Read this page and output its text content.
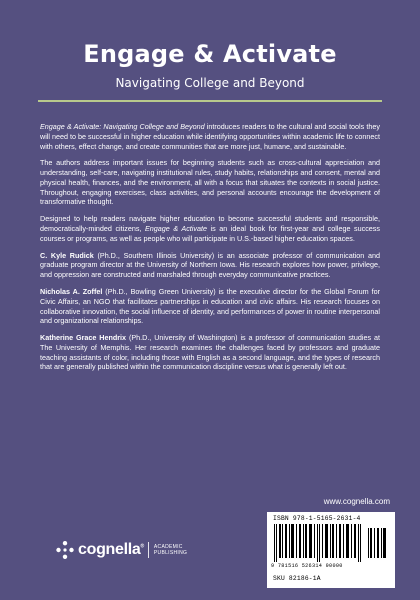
Engage & Activate
Navigating College and Beyond

Engage & Activate: Navigating College and Beyond introduces readers to the cultural and social tools they will need to be successful in higher education while identifying opportunities within academic life to connect with others, effect change, and create communities that are more just, humane, and sustainable.

The authors address important issues for beginning students such as cross-cultural appreciation and understanding, self-care, navigating institutional rules, study habits, relationships and consent, mental and physical health, finances, and the environment, all with a focus that situates the contexts in social justice. Throughout, engaging exercises, class activities, and personal accounts encourage the development of transformative thought.

Designed to help readers navigate higher education to become successful students and responsible, democratically-minded citizens, Engage & Activate is an ideal book for first-year and college success courses or programs, as well as people who will participate in U.S.-based higher education spaces.

C. Kyle Rudick (Ph.D., Southern Illinois University) is an associate professor of communication and graduate program director at the University of Northern Iowa. His research explores how power, privilege, and oppression are constructed and marshaled through everyday communicative practices.

Nicholas A. Zoffel (Ph.D., Bowling Green University) is the executive director for the Global Forum for Civic Affairs, an NGO that facilitates partnerships in education and civic affairs. His research focuses on collaborative innovation, the social influence of identity, and performances of power in routine interpersonal and organizational relationships.

Katherine Grace Hendrix (Ph.D., University of Washington) is a professor of communication studies at The University of Memphis. Her research examines the challenges faced by professors and graduate teaching assistants of color, including those with English as a second language, and the types of research that are generally published within the communication discipline versus what is generally left out.

www.cognella.com
cognella® ACADEMIC
PUBLISHING
ISBN 978-1-5165-2631-4
9 781516 526314 90000
SKU 82186-1A
